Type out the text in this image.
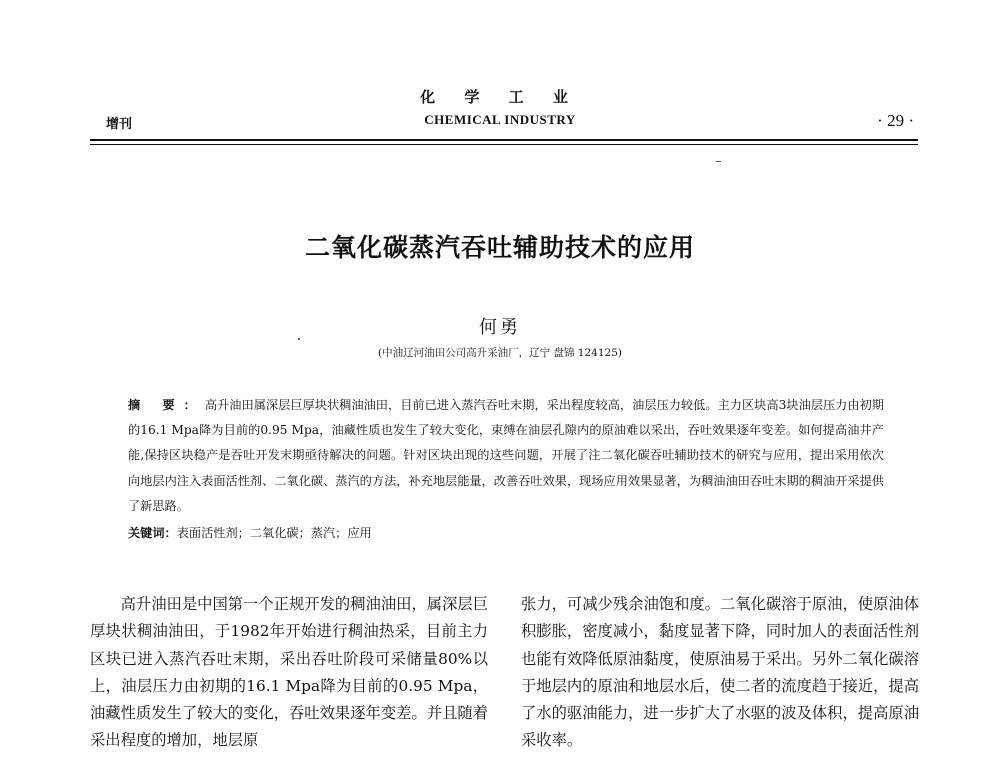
化 学 工 业
CHEMICAL INDUSTRY
增刊	· 29 ·
二氧化碳蒸汽吞吐辅助技术的应用
何勇
(中油辽河油田公司高升采油厂，辽宁 盘锦 124125)
摘 要：高升油田属深层巨厚块状稠油油田，目前已进入蒸汽吞吐末期，采出程度较高，油层压力较低。主力区块高3块油层压力由初期的16.1 Mpa降为目前的0.95 Mpa，油藏性质也发生了较大变化，束缚在油层孔隙内的原油难以采出，吞吐效果逐年变差。如何提高油井产能,保持区块稳产是吞吐开发末期亟待解决的问题。针对区块出现的这些问题，开展了注二氧化碳吞吐辅助技术的研究与应用，提出采用依次向地层内注入表面活性剂、二氧化碳、蒸汽的方法，补充地层能量，改善吞吐效果，现场应用效果显著，为稠油油田吞吐末期的稠油开采提供了新思路。
关键词：表面活性剂；二氧化碳；蒸汽；应用
高升油田是中国第一个正规开发的稠油油田，属深层巨厚块状稠油油田，于1982年开始进行稠油热采，目前主力区块已进入蒸汽吞吐末期，采出吞吐阶段可采储量80%以上，油层压力由初期的16.1 Mpa降为目前的0.95 Mpa，油藏性质发生了较大的变化，吞吐效果逐年变差。并且随着采出程度的增加，地层原
张力，可减少残余油饱和度。二氧化碳溶于原油，使原油体积膨胀，密度减小，黏度显著下降，同时加人的表面活性剂也能有效降低原油黏度，使原油易于采出。另外二氧化碳溶于地层内的原油和地层水后，使二者的流度趋于接近，提高了水的驱油能力，进一步扩大了水驱的波及体积，提高原油采收率。
